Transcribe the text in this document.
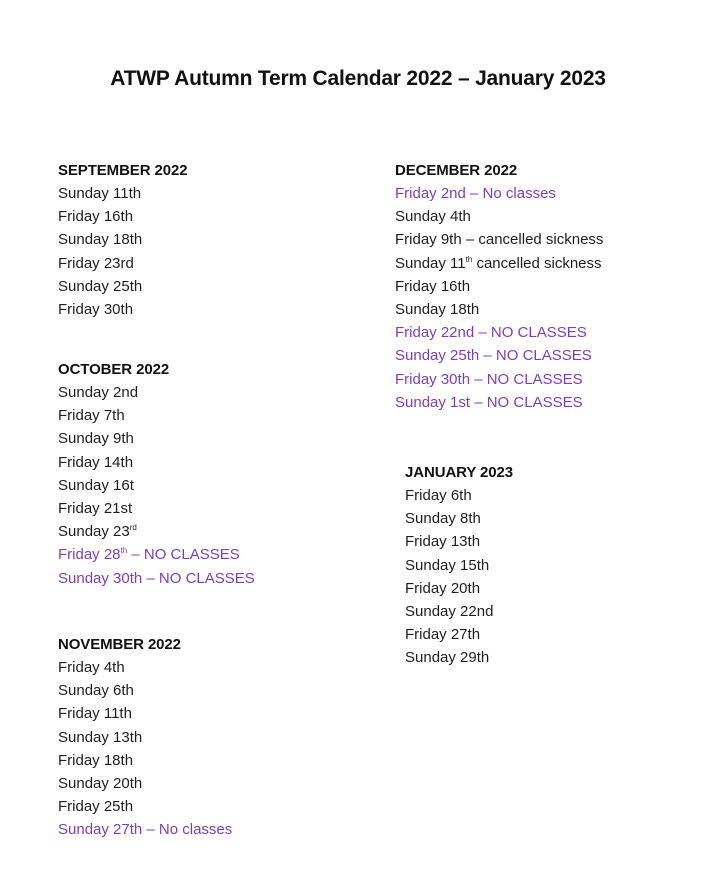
ATWP Autumn Term Calendar 2022 – January 2023
SEPTEMBER 2022
Sunday 11th
Friday 16th
Sunday 18th
Friday 23rd
Sunday 25th
Friday 30th
OCTOBER 2022
Sunday 2nd
Friday 7th
Sunday 9th
Friday 14th
Sunday 16t
Friday 21st
Sunday 23rd
Friday 28th – NO CLASSES
Sunday 30th – NO CLASSES
NOVEMBER 2022
Friday 4th
Sunday 6th
Friday 11th
Sunday 13th
Friday 18th
Sunday 20th
Friday 25th
Sunday 27th – No classes
DECEMBER 2022
Friday 2nd – No classes
Sunday 4th
Friday 9th – cancelled sickness
Sunday 11th cancelled sickness
Friday 16th
Sunday 18th
Friday 22nd – NO CLASSES
Sunday 25th – NO CLASSES
Friday 30th – NO CLASSES
Sunday 1st – NO CLASSES
JANUARY 2023
Friday 6th
Sunday 8th
Friday 13th
Sunday 15th
Friday 20th
Sunday 22nd
Friday 27th
Sunday 29th
